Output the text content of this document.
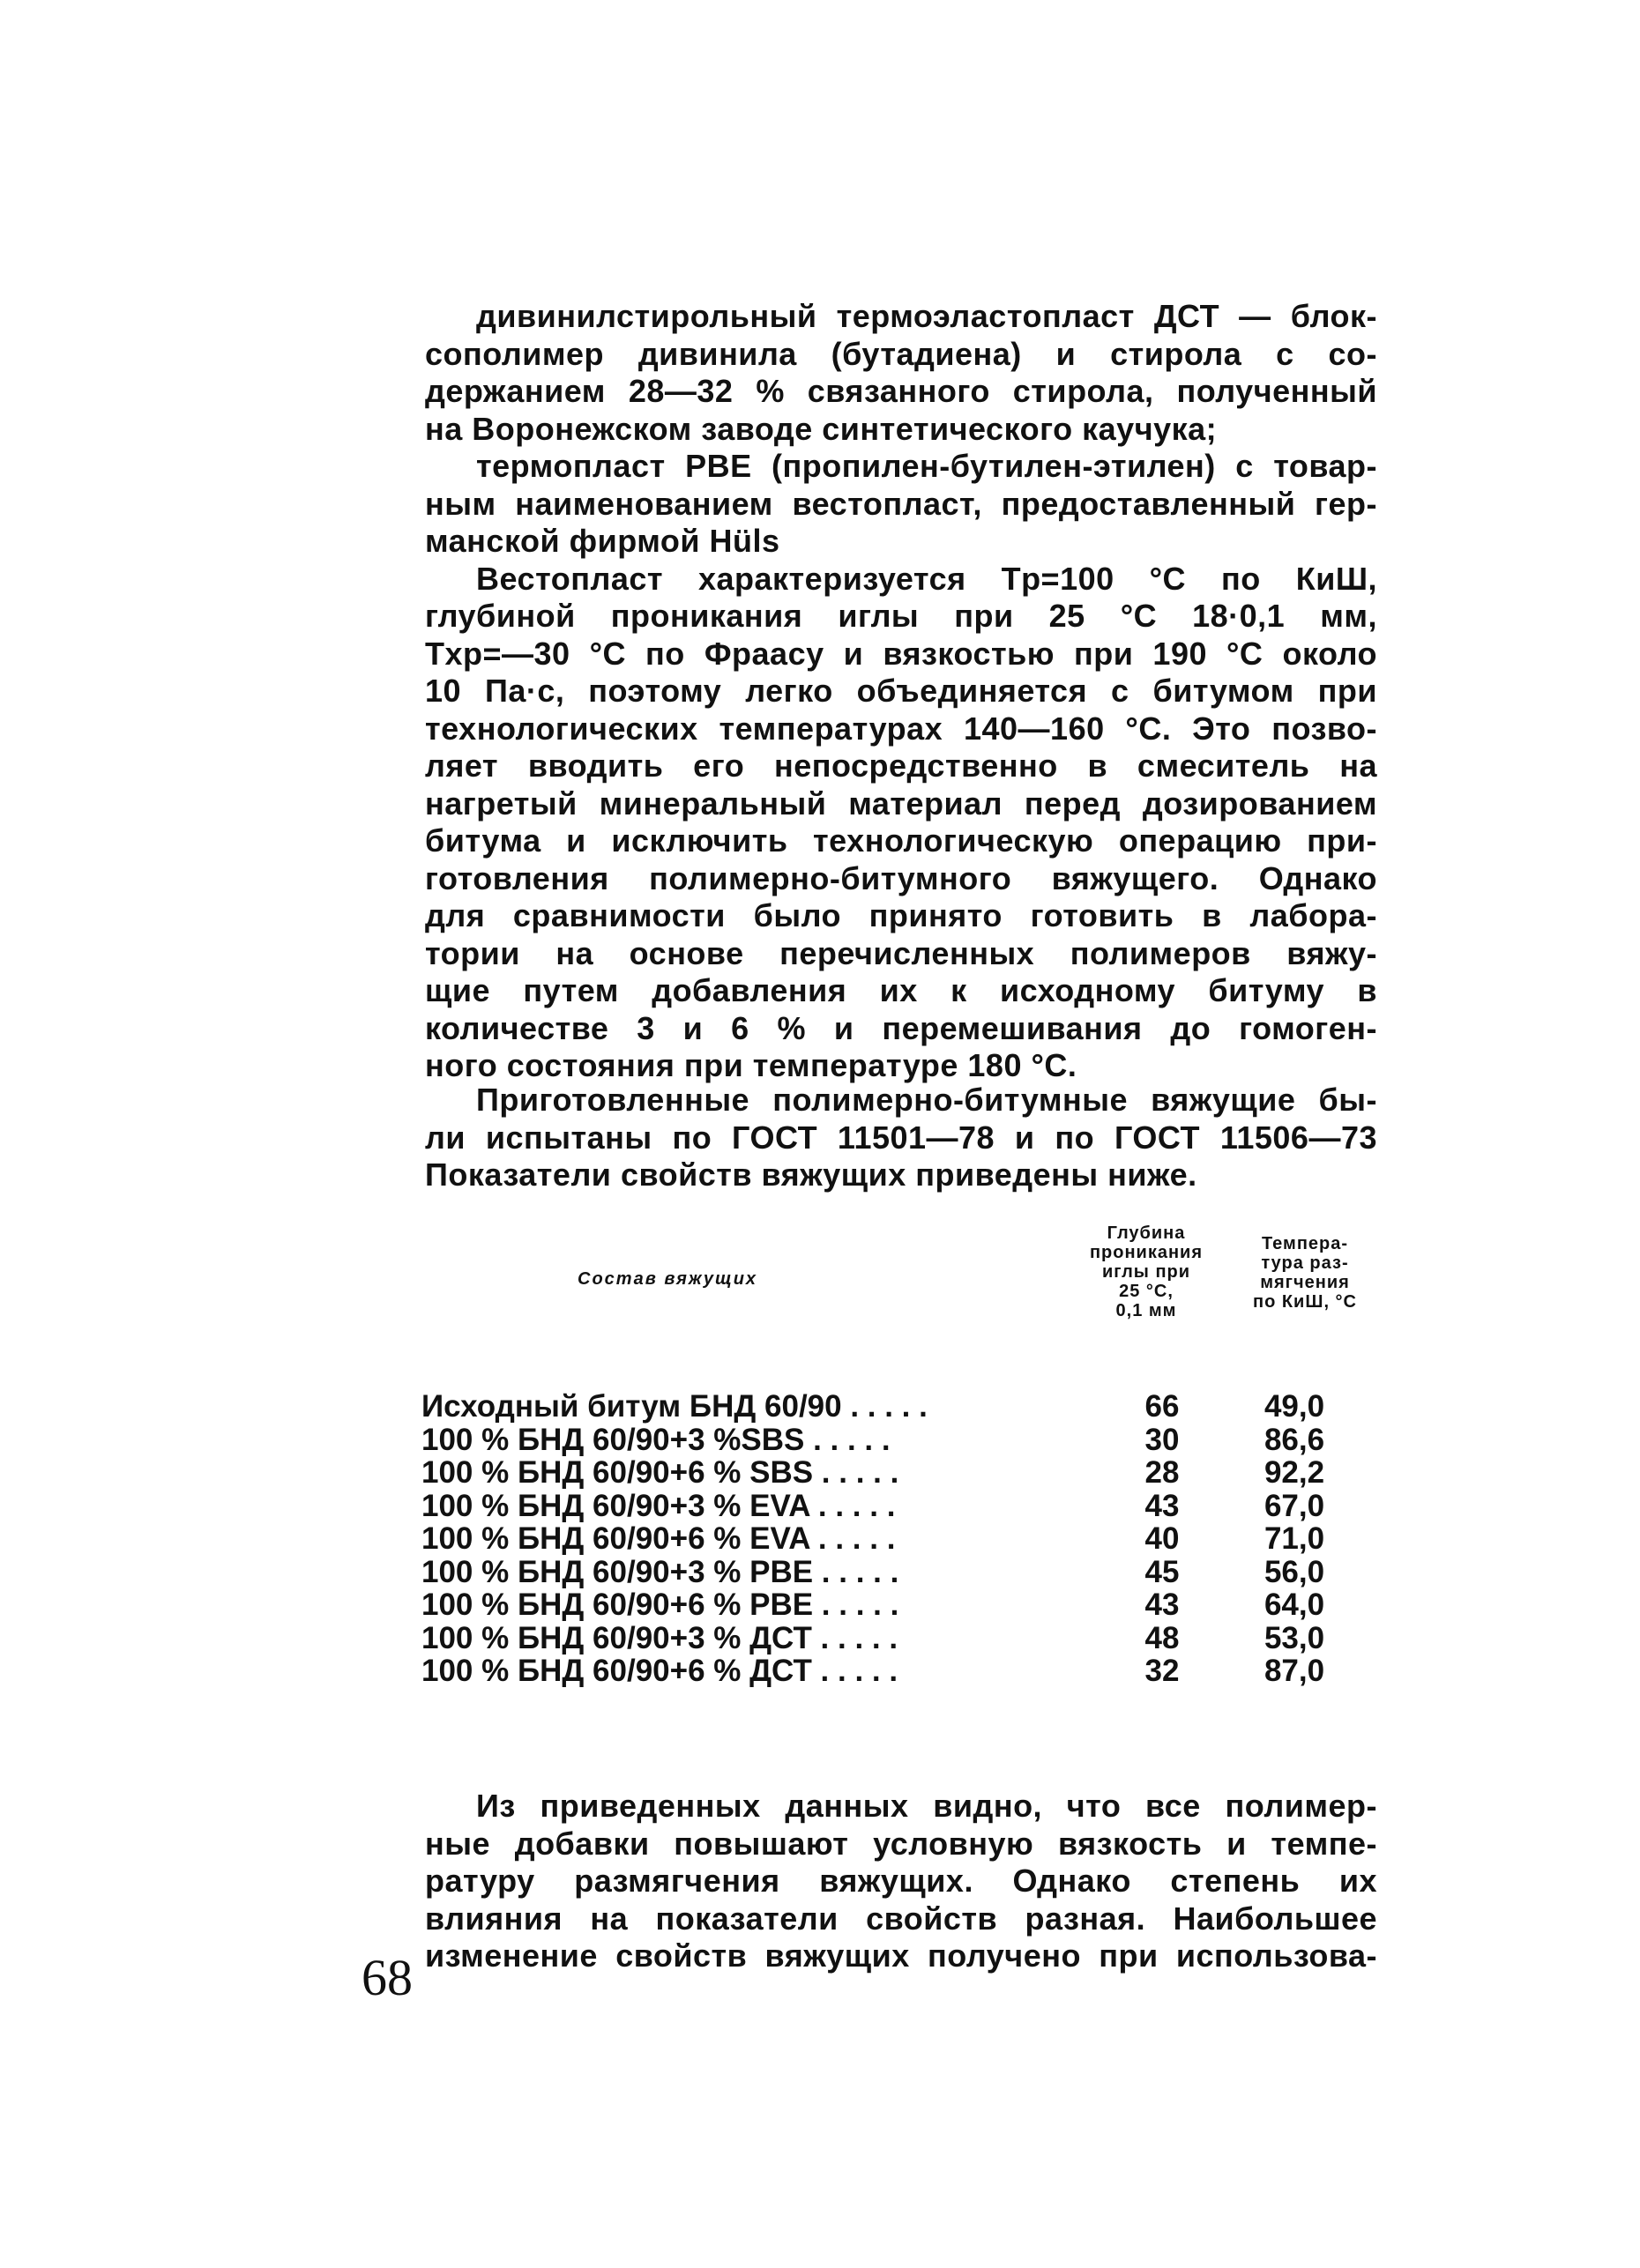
дивинилстирольный термоэластопласт ДСТ — блок-
сополимер дивинила (бутадиена) и стирола с со-
держанием 28—32 % связанного стирола, полученный
на Воронежском заводе синтетического каучука;
термопласт PBE (пропилен-бутилен-этилен) с товар-
ным наименованием вестопласт, предоставленный гер-
манской фирмой Hüls
Вестопласт характеризуется Tр=100 °С по КиШ,
глубиной проникания иглы при 25 °С 18·0,1 мм,
Tхр=—30 °С по Фраасу и вязкостью при 190 °С около
10 Па·с, поэтому легко объединяется с битумом при
технологических температурах 140—160 °С. Это позво-
ляет вводить его непосредственно в смеситель на
нагретый минеральный материал перед дозированием
битума и исключить технологическую операцию при-
готовления полимерно-битумного вяжущего. Однако
для сравнимости было принято готовить в лабора-
тории на основе перечисленных полимеров вяжу-
щие путем добавления их к исходному битуму в
количестве 3 и 6 % и перемешивания до гомоген-
ного состояния при температуре 180 °С.
Приготовленные полимерно-битумные вяжущие бы-
ли испытаны по ГОСТ 11501—78 и по ГОСТ 11506—73
Показатели свойств вяжущих приведены ниже.
Состав вяжущих
Глубина
проникания
иглы при
25 °С,
0,1 мм
Темпера-
тура раз-
мягчения
по КиШ, °С
Исходный битум БНД 60/90 . . . . .	66	49,0
100 % БНД 60/90+3 %SBS . . . . .	30	86,6
100 % БНД 60/90+6 % SBS . . . . .	28	92,2
100 % БНД 60/90+3 % EVA . . . . .	43	67,0
100 % БНД 60/90+6 % EVA . . . . .	40	71,0
100 % БНД 60/90+3 % PBE . . . . .	45	56,0
100 % БНД 60/90+6 % PBE . . . . .	43	64,0
100 % БНД 60/90+3 % ДСТ . . . . .	48	53,0
100 % БНД 60/90+6 % ДСТ . . . . .	32	87,0
Из приведенных данных видно, что все полимер-
ные добавки повышают условную вязкость и темпе-
ратуру размягчения вяжущих. Однако степень их
влияния на показатели свойств разная. Наибольшее
изменение свойств вяжущих получено при использова-
68
